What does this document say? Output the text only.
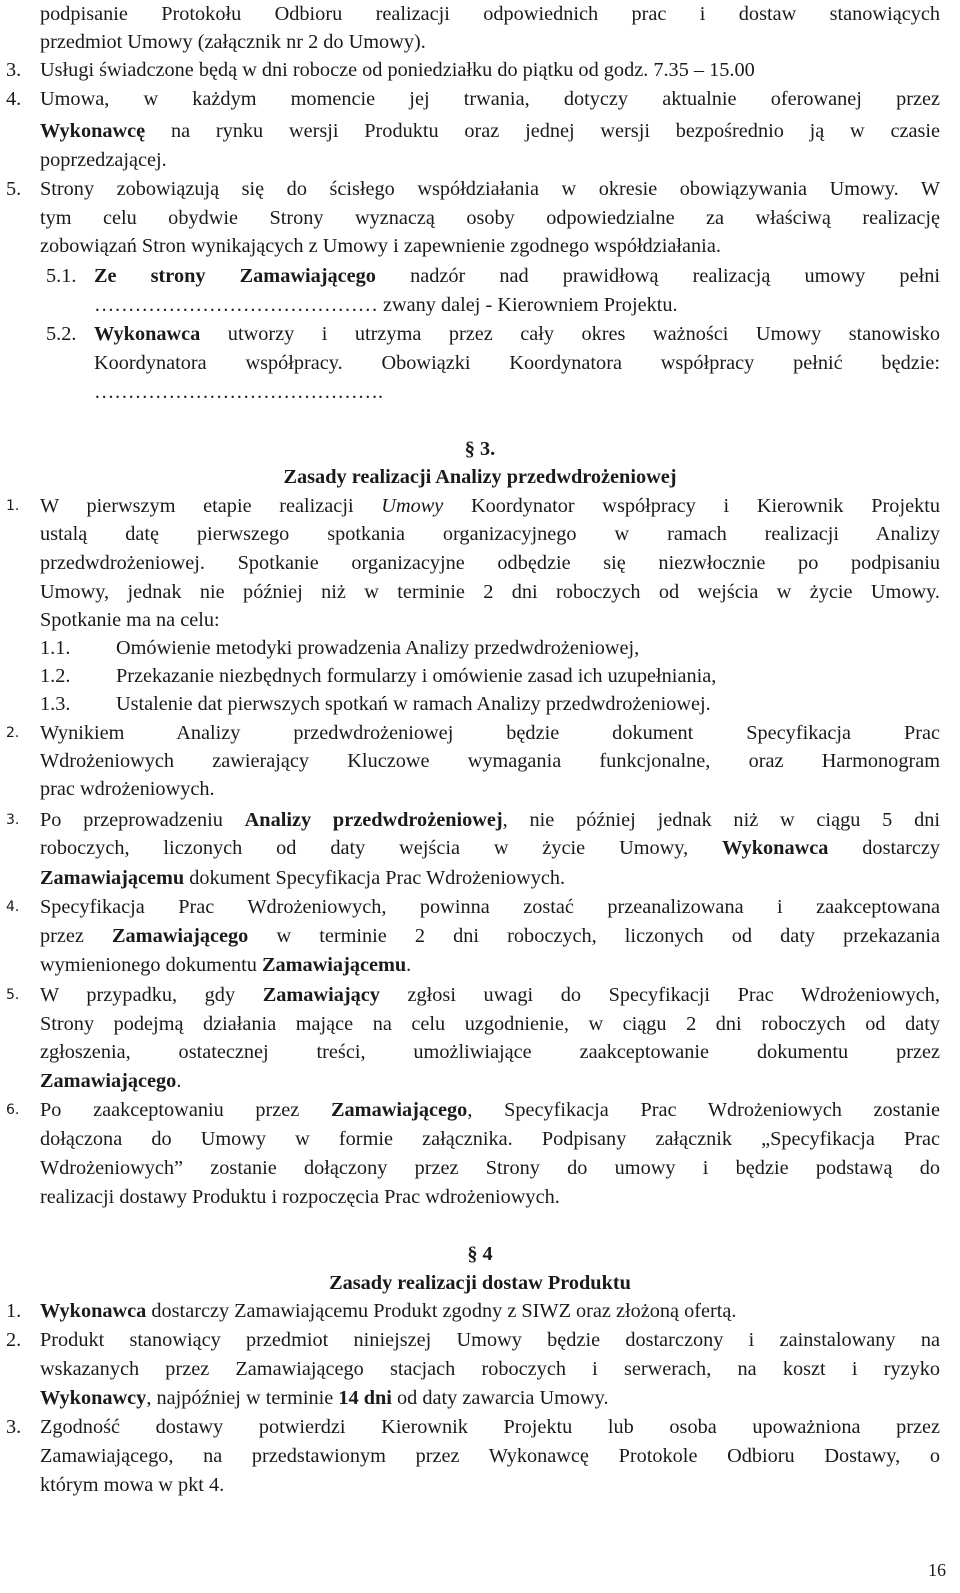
podpisanie Protokołu Odbioru realizacji odpowiednich prac i dostaw stanowiących
przedmiot Umowy (załącznik nr 2 do Umowy).
3. Usługi świadczone będą w dni robocze od poniedziałku do piątku od godz. 7.35 – 15.00
4. Umowa, w każdym momencie jej trwania, dotyczy aktualnie oferowanej przez
Wykonawcę na rynku wersji Produktu oraz jednej wersji bezpośrednio ją w czasie
poprzedzającej.
5. Strony zobowiązują się do ścisłego współdziałania w okresie obowiązywania Umowy. W
tym celu obydwie Strony wyznaczą osoby odpowiedzialne za właściwą realizację
zobowiązań Stron wynikających z Umowy i zapewnienie zgodnego współdziałania.
5.1. Ze strony Zamawiającego nadzór nad prawidłową realizacją umowy pełni
…………………………………… zwany dalej - Kierowniem Projektu.
5.2. Wykonawca utworzy i utrzyma przez cały okres ważności Umowy stanowisko
Koordynatora współpracy. Obowiązki Koordynatora współpracy pełnić będzie:
…………………………………….
§ 3.
Zasady realizacji Analizy przedwdrożeniowej
1. W pierwszym etapie realizacji Umowy Koordynator współpracy i Kierownik Projektu
ustalą datę pierwszego spotkania organizacyjnego w ramach realizacji Analizy
przedwdrożeniowej. Spotkanie organizacyjne odbędzie się niezwłocznie po podpisaniu
Umowy, jednak nie później niż w terminie 2 dni roboczych od wejścia w życie Umowy.
Spotkanie ma na celu:
1.1. Omówienie metodyki prowadzenia Analizy przedwdrożeniowej,
1.2. Przekazanie niezbędnych formularzy i omówienie zasad ich uzupełniania,
1.3. Ustalenie dat pierwszych spotkań w ramach Analizy przedwdrożeniowej.
2. Wynikiem Analizy przedwdrożeniowej będzie dokument Specyfikacja Prac
Wdrożeniowych zawierający Kluczowe wymagania funkcjonalne, oraz Harmonogram
prac wdrożeniowych.
3. Po przeprowadzeniu Analizy przedwdrożeniowej, nie później jednak niż w ciągu 5 dni
roboczych, liczonych od daty wejścia w życie Umowy, Wykonawca dostarczy
Zamawiającemu dokument Specyfikacja Prac Wdrożeniowych.
4. Specyfikacja Prac Wdrożeniowych, powinna zostać przeanalizowana i zaakceptowana
przez Zamawiającego w terminie 2 dni roboczych, liczonych od daty przekazania
wymienionego dokumentu Zamawiającemu.
5. W przypadku, gdy Zamawiający zgłosi uwagi do Specyfikacji Prac Wdrożeniowych,
Strony podejmą działania mające na celu uzgodnienie, w ciągu 2 dni roboczych od daty
zgłoszenia, ostatecznej treści, umożliwiające zaakceptowanie dokumentu przez
Zamawiającego.
6. Po zaakceptowaniu przez Zamawiającego, Specyfikacja Prac Wdrożeniowych zostanie
dołączona do Umowy w formie załącznika. Podpisany załącznik „Specyfikacja Prac
Wdrożeniowych” zostanie dołączony przez Strony do umowy i będzie podstawą do
realizacji dostawy Produktu i rozpoczęcia Prac wdrożeniowych.
§ 4
Zasady realizacji dostaw Produktu
1. Wykonawca dostarczy Zamawiającemu Produkt zgodny z SIWZ oraz złożoną ofertą.
2. Produkt stanowiący przedmiot niniejszej Umowy będzie dostarczony i zainstalowany na
wskazanych przez Zamawiającego stacjach roboczych i serwerach, na koszt i ryzyko
Wykonawcy, najpóźniej w terminie 14 dni od daty zawarcia Umowy.
3. Zgodność dostawy potwierdzi Kierownik Projektu lub osoba upoważniona przez
Zamawiającego, na przedstawionym przez Wykonawcę Protokole Odbioru Dostawy, o
którym mowa w pkt 4.
16
